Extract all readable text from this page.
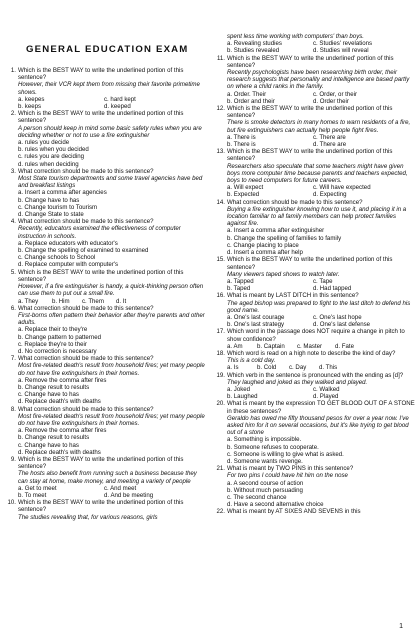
GENERAL EDUCATION EXAM
1. Which is the BEST WAY to write the underlined portion of this sentence?
However, their VCR kept them from missing their favorite primetime shows.
a. keepes	c. hard kept
b. keeps	d. keeped
2. Which is the BEST WAY to write the underlined portion of this sentence?
A person should keep in mind some basic safety rules when you are deciding whether or not to use a fire extinguisher
a. rules you decide
b. rules when you decided
c. rules you are deciding
d. rules when deciding
3. What correction should be made to this sentence?
Most State tourism departments and some travel agencies have bed and breakfast listings
a. Insert a comma after agencies
b. Change have to has
c. Change tourism to Tourism
d. Change State to state
4. What correction should be made to this sentence?
Recently, educators examined the effectiveness of computer instruction in schools.
a. Replace educators with educator's
b. Change the spelling of examined to examined
c. Change schools to School
d. Replace computer with computer's
5. Which is the BEST WAY to write the underlined portion of this sentence?
However, if a fire extinguisher is handy, a quick-thinking person often can use them to put out a small fire.
a. They	b. Him	c. Them	d. It
6. What correction should be made to this sentence?
First-borns often pattern their behavior after they're parents and other adults.
a. Replace their to they're
b. Change pattern to patterned
c. Replace they're to their
d. No correction is necessary
7. What correction should be made to this sentence?
Most fire-related death's result from household fires; yet many people do not have fire extinguishers in their homes.
a. Remove the comma after fires
b. Change result to results
c. Change have to has
d. Replace death's with deaths
8. What correction should be made to this sentence?
Most fire-related death's result from household fires; yet many people do not have fire extinguishers in their homes.
a. Remove the comma after fires
b. Change result to results
c. Change have to has
d. Replace death's with deaths
9. Which is the BEST WAY to write the underlined portion of this sentence?
The hosts also benefit from running such a business because they can stay at home, make money, and meeting a variety of people
a. Get to meet	c. And meet
b. To meet	d. And be meeting
10. Which is the BEST WAY to write the underlined portion of this sentence?
The studies revealing that, for various reasons, girls
spent less time working with computers' than boys.
a. Revealing studies	c. Studies' revelations
b. Studies revealed	d. Studies will reveal
11. Which is the BEST WAY to write the underlined' portion of this sentence?
Recently psychologists have been researching birth order, their research suggests that personality and intelligence are based partly on where a child ranks in the family.
a. Order. Their	c. Order, or their
b. Order and their	d. Order their
12. Which is the BEST WAY to write the underlined portion of this sentence?
There is smoke detectors in many homes to warn residents of a fire, but fire extinguishers can actually help people fight fires.
a. There is	c. There are
b. There is	d. There are
13. Which is the BEST WAY to write the underlined portion of this sentence?
Researchers also speculate that some teachers might have given boys more computer time because parents and teachers expected, boys to need computers for future careers.
a. Will expect	c. Will have expected
b. Expected	d. Expecting
14. What correction should be made to this sentence?
Buying a fire extinguisher knowing how to use it, and placing it in a location familiar to all family members can help protect families against fire.
a. Insert a comma after extinguisher
b. Change the spelling of families to family
c. Change placing to place
d. Insert a comma after help
15. Which is the BEST WAY to write the underlined portion of this sentence?
Many viewers taped shows to watch later.
a. Tapped	c. Tape
b. Taped	d. Had tapped
16. What is meant by LAST DITCH in this sentence?
The aged bishop was prepared to fight to the last ditch to defend his good name.
a. One's last courage	c. One's last hope
b. One's last strategy	d. One's last defense
17. Which word in the passage does NOT require a change in pitch to show confidence?
a. Am	b. Captain	c. Master	d. Fate
18. Which word is read on a high note to describe the kind of day?
This is a cold day.
a. Is	b. Cold	c. Day	d. This
19. Which verb in the sentence is pronounced with the ending as [d]?
They laughed and joked as they walked and played.
a. Joked	c. Walked
b. Laughed	d. Played
20. What is meant by the expression TO GET BLOOD OUT OF A STONE in these sentences?
Geraldo has owed me fifty thousand pesos for over a year now. I've asked him for it on several occasions, but it's like trying to get blood out of a stone
a. Something is impossible.
b. Someone refuses to cooperate.
c. Someone is willing to give what is asked.
d. Someone wants revenge.
21. What is meant by TWO PINS in this sentence?
For two pins I could have hit him on the nose
a. A second course of action
b. Without much persuading
c. The second chance
d. Have a second alternative choice
22. What is meant by AT SIXES AND SEVENS in this
1
